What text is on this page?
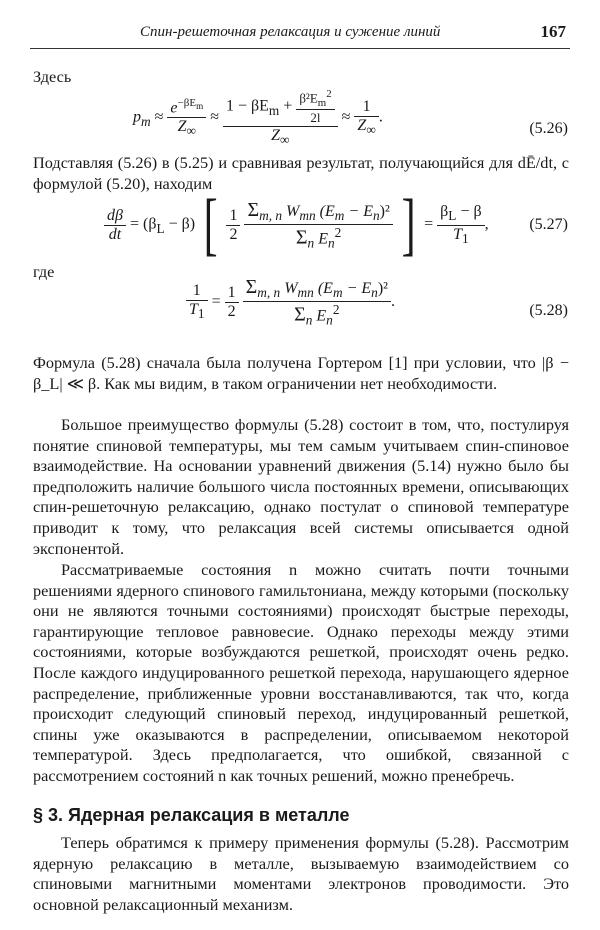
Спин-решеточная релаксация и сужение линий	167
Здесь
$p_m \approx \frac{e^{-\beta E_m}}{Z_\infty} \approx \frac{1 - \beta E_m + \frac{\beta^2E_m^2}{2l}}{Z_\infty} \approx \frac{1}{Z_\infty}$ .
(5.26)
Подставляя (5.26) в (5.25) и сравнивая результат, получающийся для dĒ/dt, с формулой (5.20), находим
$\frac{d\beta}{dt} = (\beta_L - \beta)$ [ $\frac{1}{2}$
$\frac{\Sigma_{m, n} W_{mn} (E_m - E_n)^2}{\Sigma_n E_n^2}$ ] = $\frac{\beta_L - \beta}{T_1}$ ,	(5.27)
где
$\frac{1}{T_1} = \frac{1}{2}$
$\frac{\Sigma_{m, n} W_{mn} (E_m - E_n)^2}{\Sigma_n E_n^2}$ .
(5.28)
Формула (5.28) сначала была получена Гортером [1] при условии, что |β − β_L| ≪ β. Как мы видим, в таком ограничении нет необходимости.
Большое преимущество формулы (5.28) состоит в том, что, постулируя понятие спиновой температуры, мы тем самым учитываем спин-спиновое взаимодействие. На основании уравнений движения (5.14) нужно было бы предположить наличие большого числа постоянных времени, описывающих спин-решеточную релаксацию, однако постулат о спиновой температуре приводит к тому, что релаксация всей системы описывается одной экспонентой.
Рассматриваемые состояния n можно считать почти точными решениями ядерного спинового гамильтониана, между которыми (поскольку они не являются точными состояниями) происходят быстрые переходы, гарантирующие тепловое равновесие. Однако переходы между этими состояниями, которые возбуждаются решеткой, происходят очень редко. После каждого индуцированного решеткой перехода, нарушающего ядерное распределение, приближенные уровни восстанавливаются, так что, когда происходит следующий спиновый переход, индуцированный решеткой, спины уже оказываются в распределении, описываемом некоторой температурой. Здесь предполагается, что ошибкой, связанной с рассмотрением состояний n как точных решений, можно пренебречь.
§ 3. Ядерная релаксация в металле
Теперь обратимся к примеру применения формулы (5.28). Рассмотрим ядерную релаксацию в металле, вызываемую взаимодействием со спиновыми магнитными моментами электронов проводимости. Это основной релаксационный механизм.
